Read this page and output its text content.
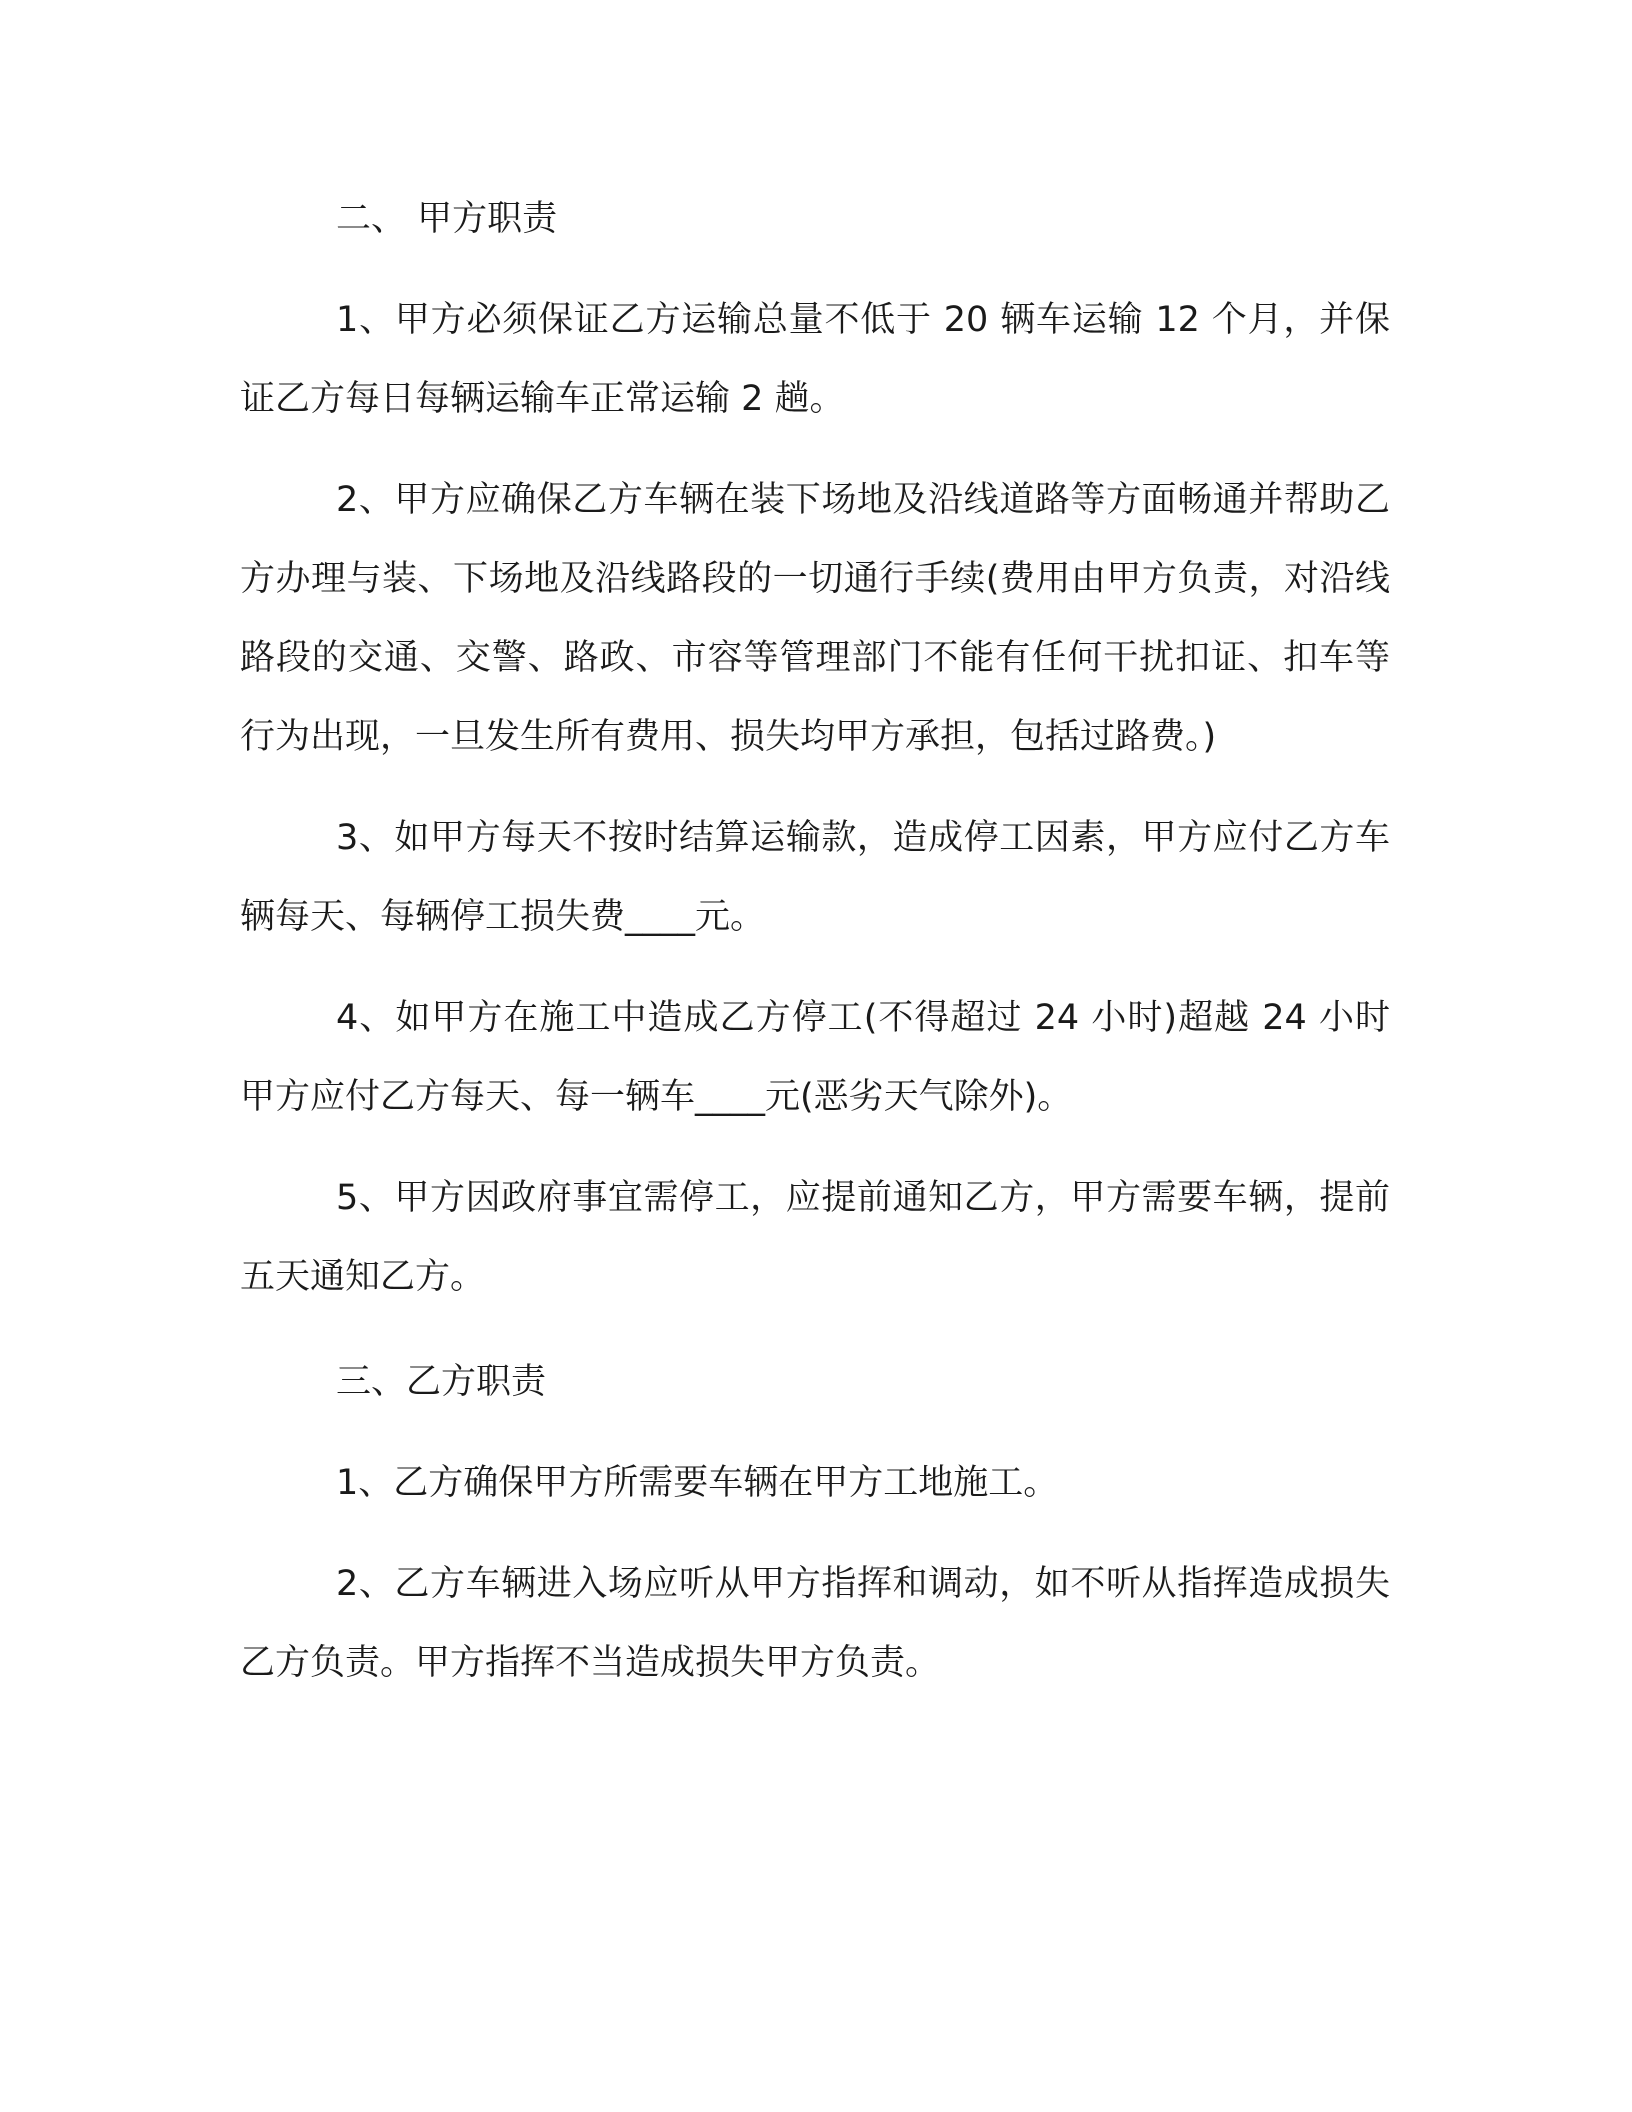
二、 甲方职责

1、甲方必须保证乙方运输总量不低于 20 辆车运输 12 个月，并保证乙方每日每辆运输车正常运输 2 趟。

2、甲方应确保乙方车辆在装下场地及沿线道路等方面畅通并帮助乙方办理与装、下场地及沿线路段的一切通行手续(费用由甲方负责，对沿线路段的交通、交警、路政、市容等管理部门不能有任何干扰扣证、扣车等行为出现，一旦发生所有费用、损失均甲方承担，包括过路费。)

3、如甲方每天不按时结算运输款，造成停工因素，甲方应付乙方车辆每天、每辆停工损失费____元。

4、如甲方在施工中造成乙方停工(不得超过 24 小时)超越 24 小时甲方应付乙方每天、每一辆车____元(恶劣天气除外)。

5、甲方因政府事宜需停工，应提前通知乙方，甲方需要车辆，提前五天通知乙方。

三、乙方职责

1、乙方确保甲方所需要车辆在甲方工地施工。

2、乙方车辆进入场应听从甲方指挥和调动，如不听从指挥造成损失乙方负责。甲方指挥不当造成损失甲方负责。
